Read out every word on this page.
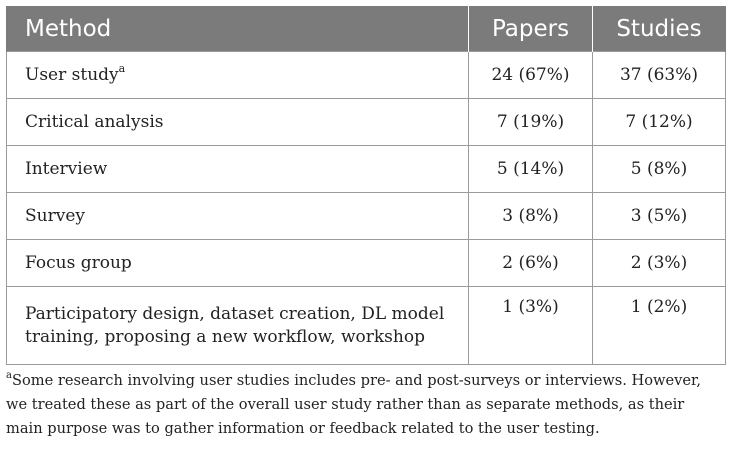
Method	Papers	Studies
User study$^a$	24 (67%)	37 (63%)
Critical analysis	7 (19%)	7 (12%)
Interview	5 (14%)	5 (8%)
Survey	3 (8%)	3 (5%)
Focus group	2 (6%)	2 (3%)
Participatory design, dataset creation, DL model training, proposing a new workflow, workshop	1 (3%)	1 (2%)
$^a$Some research involving user studies includes pre- and post-surveys or interviews. However, we treated these as part of the overall user study rather than as separate methods, as their main purpose was to gather information or feedback related to the user testing.
